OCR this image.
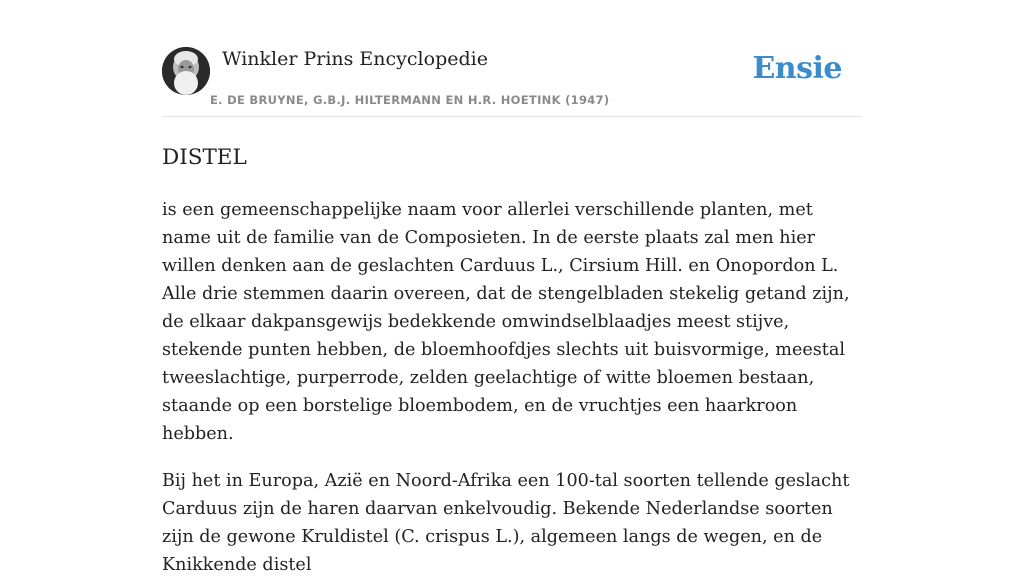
Winkler Prins Encyclopedie
E. DE BRUYNE, G.B.J. HILTERMANN EN H.R. HOETINK (1947)
Ensie
DISTEL

is een gemeenschappelijke naam voor allerlei verschillende planten, met name uit de familie van de Composieten. In de eerste plaats zal men hier willen denken aan de geslachten Carduus L., Cirsium Hill. en Onopordon L. Alle drie stemmen daarin overeen, dat de stengelbladen stekelig getand zijn, de elkaar dakpansgewijs bedekkende omwindselblaadjes meest stijve, stekende punten hebben, de bloemhoofdjes slechts uit buisvormige, meestal tweeslachtige, purperrode, zelden geelachtige of witte bloemen bestaan, staande op een borstelige bloembodem, en de vruchtjes een haarkroon hebben.

Bij het in Europa, Azië en Noord-Afrika een 100-tal soorten tellende geslacht Carduus zijn de haren daarvan enkelvoudig. Bekende Nederlandse soorten zijn de gewone Kruldistel (C. crispus L.), algemeen langs de wegen, en de Knikkende distel
